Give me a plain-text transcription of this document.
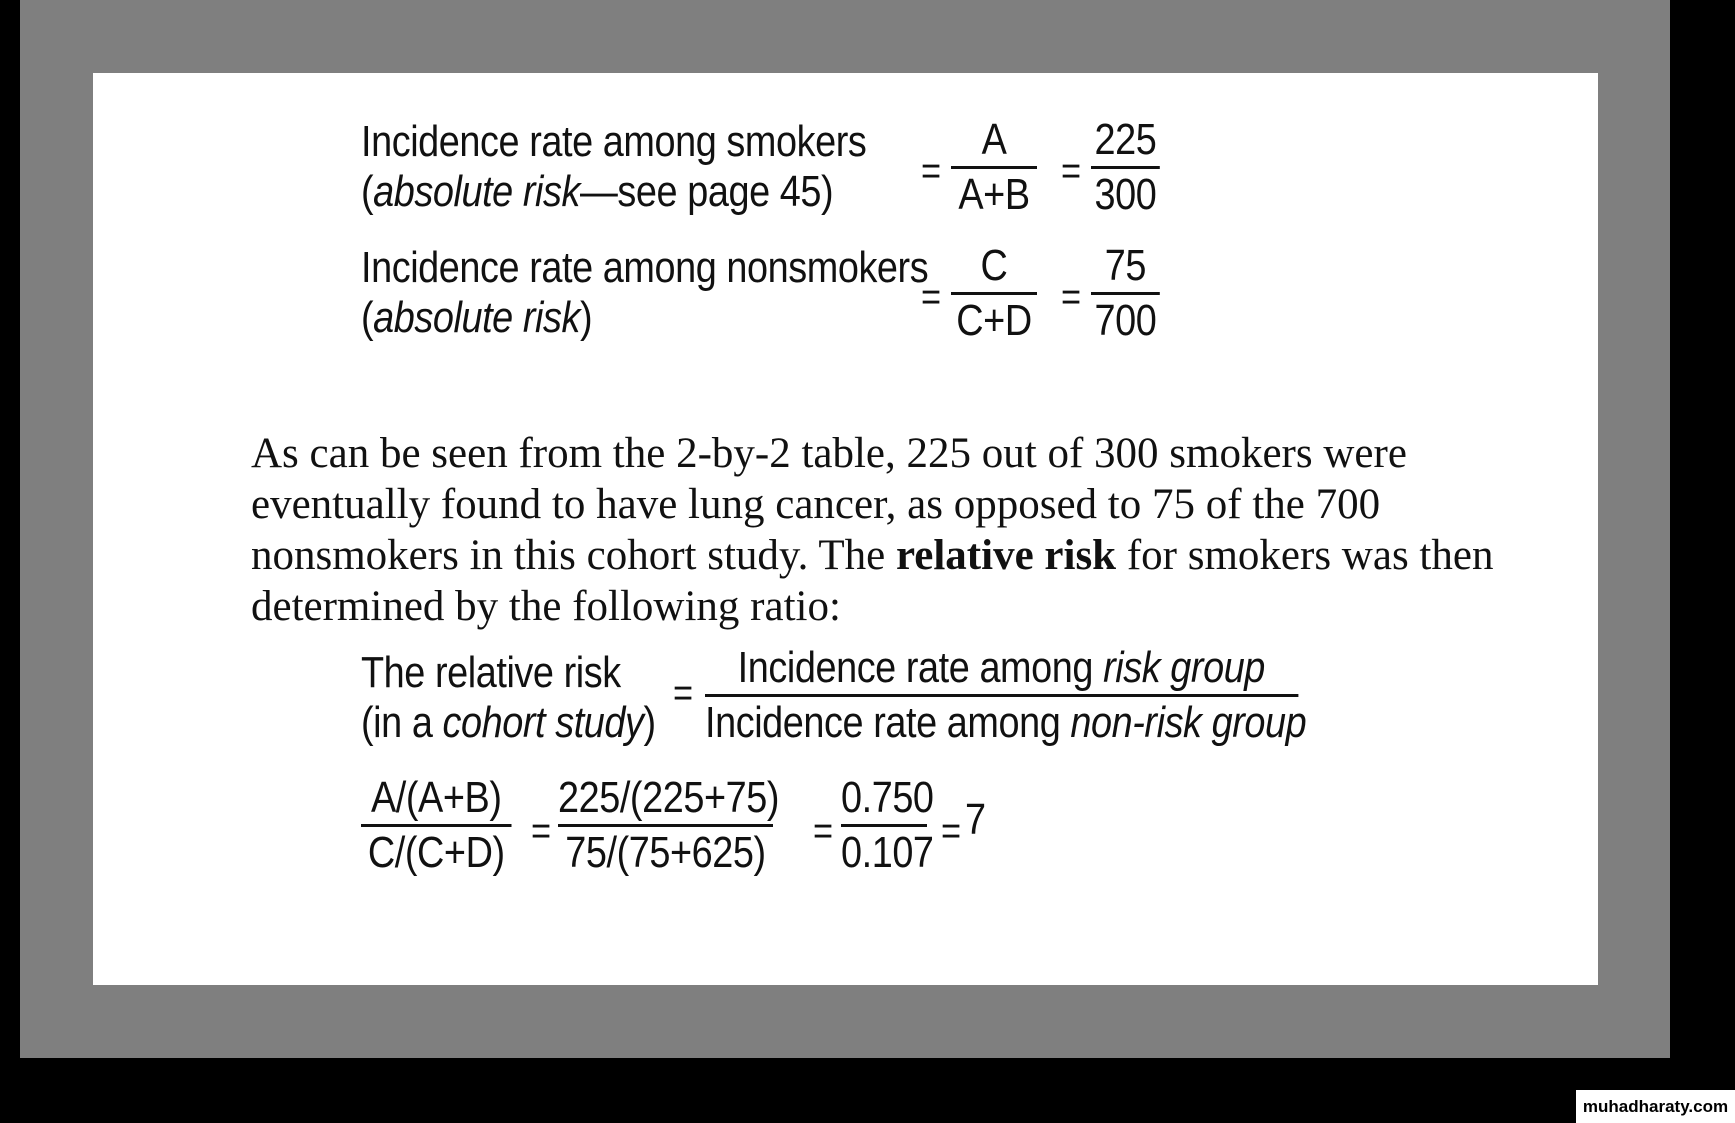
Incidence rate among smokers
(absolute risk—see page 45) =
A
A+B =
225
300
Incidence rate among nonsmokers
(absolute risk)	=
C
C+D =
75
700
As can be seen from the 2-by-2 table, 225 out of 300 smokers were eventually found to have lung cancer, as opposed to 75 of the 700 nonsmokers in this cohort study. The relative risk for smokers was then determined by the following ratio:
The relative risk
(in a cohort study)
=
Incidence rate among risk group
Incidence rate among non-risk group
A/(A+B)
C/(C+D) =
225/(225+75)
75/(75+625) =
0.750
0.107 = 7
muhadharaty.com
